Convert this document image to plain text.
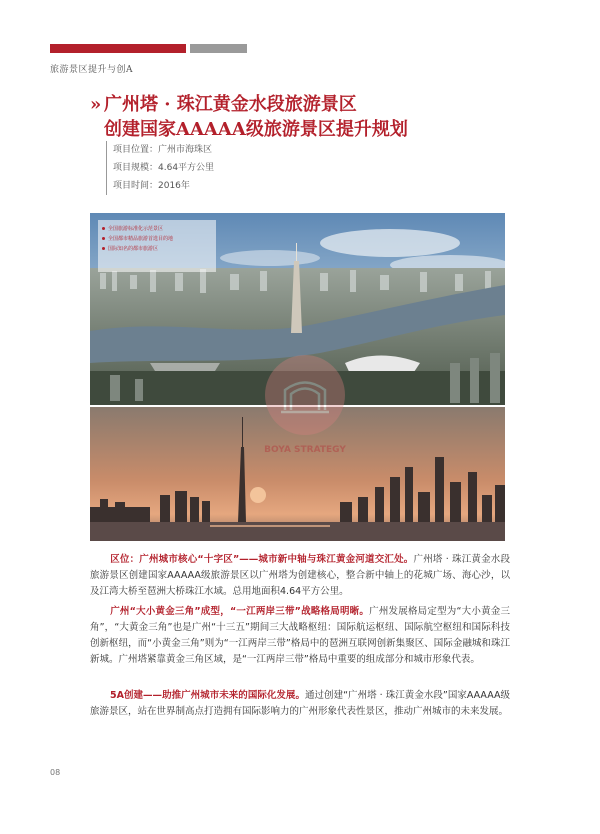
旅游景区提升与创A
» 广州塔 · 珠江黄金水段旅游景区
创建国家AAAAA级旅游景区提升规划
项目位置：广州市海珠区
项目规模：4.64平方公里
项目时间：2016年
全国旅游标准化示范景区
全国都市精品旅游首选目的地
国际知名的都市旅游区
BOYA STRATEGY
区位：广州城市核心“十字区”——城市新中轴与珠江黄金河道交汇处。广州塔 · 珠江黄金水段旅游景区创建国家AAAAA级旅游景区以广州塔为创建核心，整合新中轴上的花城广场、海心沙，以及江湾大桥至琶洲大桥珠江水域。总用地面积4.64平方公里。
广州“大小黄金三角”成型，“一江两岸三带”战略格局明晰。广州发展格局定型为“大小黄金三角”，“大黄金三角”也是广州“十三五”期间三大战略枢纽：国际航运枢纽、国际航空枢纽和国际科技创新枢纽，而“小黄金三角”则为“一江两岸三带”格局中的琶洲互联网创新集聚区、国际金融城和珠江新城。广州塔紧靠黄金三角区域，是“一江两岸三带”格局中重要的组成部分和城市形象代表。
5A创建——助推广州城市未来的国际化发展。通过创建“广州塔 · 珠江黄金水段”国家AAAAA级旅游景区，站在世界制高点打造拥有国际影响力的广州形象代表性景区，推动广州城市的未来发展。
08
